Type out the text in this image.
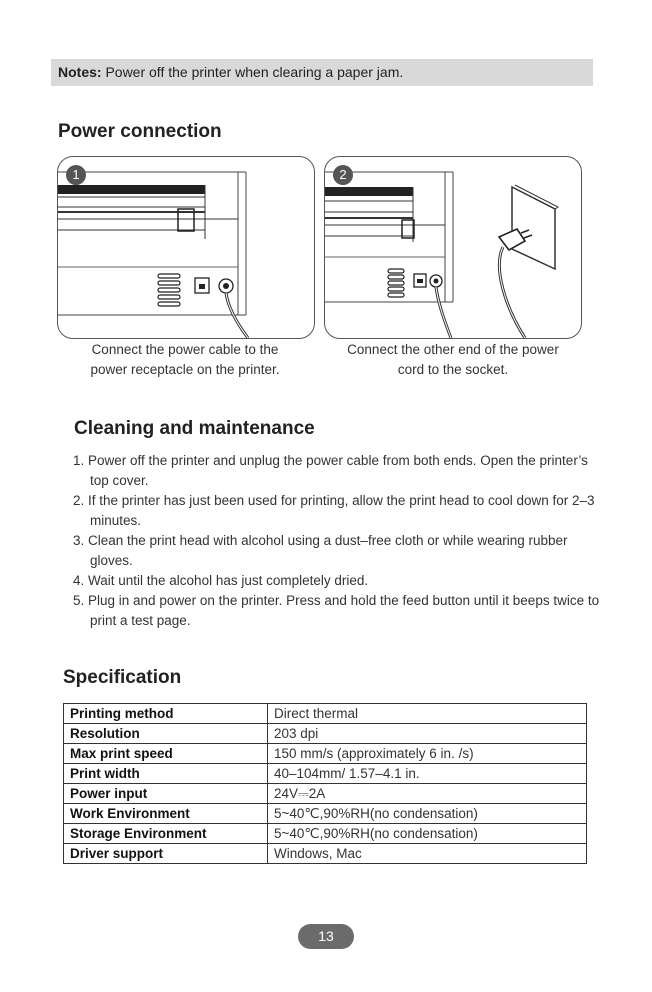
Notes: Power off the printer when clearing a paper jam.
Power connection
1	2
Connect the power cable to the
power receptacle on the printer.
Connect the other end of the power
cord to the socket.
Cleaning and maintenance
1. Power off the printer and unplug the power cable from both ends. Open the printer’s top cover.
2. If the printer has just been used for printing, allow the print head to cool down for 2–3 minutes.
3. Clean the print head with alcohol using a dust–free cloth or while wearing rubber gloves.
4. Wait until the alcohol has just completely dried.
5. Plug in and power on the printer. Press and hold the feed button until it beeps twice to print a test page.
Specification
Printing method	Direct thermal
Resolution	203 dpi
Max print speed	150 mm/s (approximately 6 in. /s)
Print width	40–104mm/ 1.57–4.1 in.
Power input	24V⎓2A
Work Environment	5~40℃,90%RH(no condensation)
Storage Environment	5~40℃,90%RH(no condensation)
Driver support	Windows, Mac
13
